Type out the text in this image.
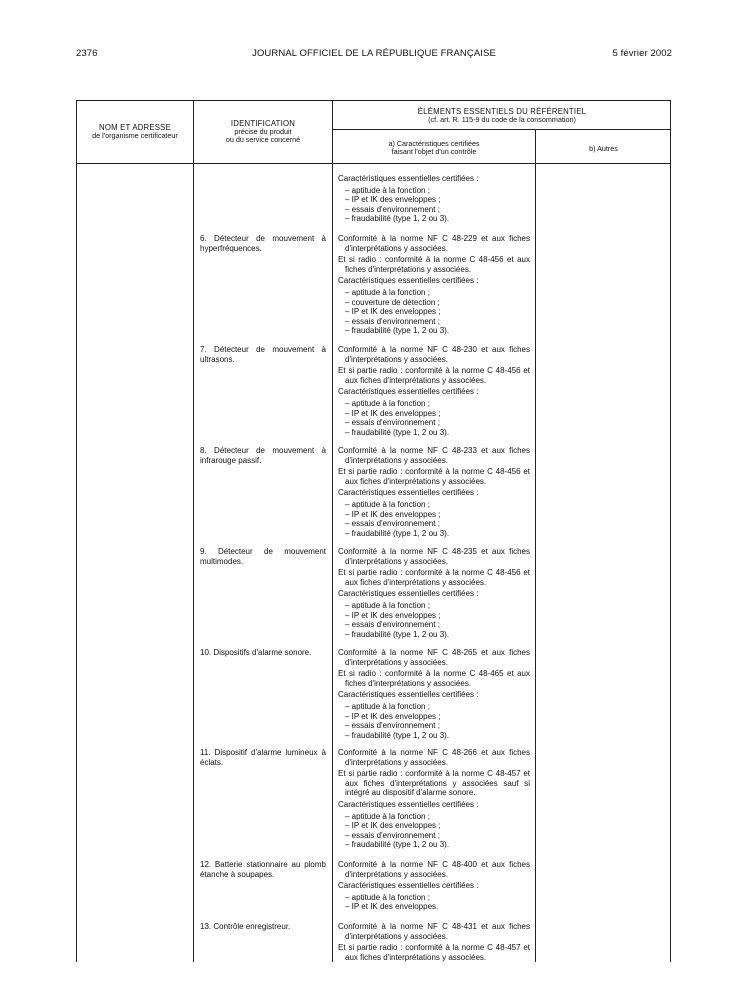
2376	JOURNAL OFFICIEL DE LA RÉPUBLIQUE FRANÇAISE	5 février 2002
NOM ET ADRESSE
de l'organisme certificateur
IDENTIFICATION
précise du produit
ou du service concerné
ÉLÉMENTS ESSENTIELS DU RÉFÉRENTIEL
(cf. art. R. 115-9 du code de la consommation)
a) Caractéristiques certifiées
faisant l'objet d'un contrôle	b) Autres
Caractéristiques essentielles certifiées :
– aptitude à la fonction ;
– IP et IK des enveloppes ;
– essais d'environnement ;
– fraudabilité (type 1, 2 ou 3).
6. Détecteur de mouvement à hyperfréquences.
Conformité à la norme NF C 48-229 et aux fiches d'interprétations y associées.
Et si radio : conformité à la norme C 48-456 et aux fiches d'interprétations y associées.
Caractéristiques essentielles certifiées :
– aptitude à la fonction ;
– couverture de détection ;
– IP et IK des enveloppes ;
– essais d'environnement ;
– fraudabilité (type 1, 2 ou 3).
7. Détecteur de mouvement à ultrasons.
Conformité à la norme NF C 48-230 et aux fiches d'interprétations y associées.
Et si partie radio : conformité à la norme C 48-456 et aux fiches d'interprétations y associées.
Caractéristiques essentielles certifiées :
– aptitude à la fonction ;
– IP et IK des enveloppes ;
– essais d'environnement ;
– fraudabilité (type 1, 2 ou 3).
8. Détecteur de mouvement à infrarouge passif.
Conformité à la norme NF C 48-233 et aux fiches d'interprétations y associées.
Et si partie radio : conformité à la norme C 48-456 et aux fiches d'interprétations y associées.
Caractéristiques essentielles certifiées :
– aptitude à la fonction ;
– IP et IK des enveloppes ;
– essais d'environnement ;
– fraudabilité (type 1, 2 ou 3).
9. Détecteur de mouvement multimodes.
Conformité à la norme NF C 48-235 et aux fiches d'interprétations y associées.
Et si partie radio : conformité à la norme C 48-456 et aux fiches d'interprétations y associées.
Caractéristiques essentielles certifiées :
– aptitude à la fonction ;
– IP et IK des enveloppes ;
– essais d'environnement ;
– fraudabilité (type 1, 2 ou 3).
10. Dispositifs d'alarme sonore.	Conformité à la norme NF C 48-265 et aux fiches d'interprétations y associées.
Et si radio : conformité à la norme C 48-465 et aux fiches d'interprétations y associées.
Caractéristiques essentielles certifiées :
– aptitude à la fonction ;
– IP et IK des enveloppes ;
– essais d'environnement ;
– fraudabilité (type 1, 2 ou 3).
11. Dispositif d'alarme lumineux à éclats.
Conformité à la norme NF C 48-266 et aux fiches d'interprétations y associées.
Et si partie radio : conformité à la norme C 48-457 et aux fiches d'interprétations y associées sauf si intégré au dispositif d'alarme sonore.
Caractéristiques essentielles certifiées :
– aptitude à la fonction ;
– IP et IK des enveloppes ;
– essais d'environnement ;
– fraudabilité (type 1, 2 ou 3).
12. Batterie stationnaire au plomb étanche à soupapes.
Conformité à la norme NF C 48-400 et aux fiches d'interprétations y associées.
Caractéristiques essentielles certifiées :
– aptitude à la fonction ;
– IP et IK des enveloppes.
13. Contrôle enregistreur.	Conformité à la norme NF C 48-431 et aux fiches d'interprétations y associées.
Et si partie radio : conformité à la norme C 48-457 et aux fiches d'interprétations y associées.
